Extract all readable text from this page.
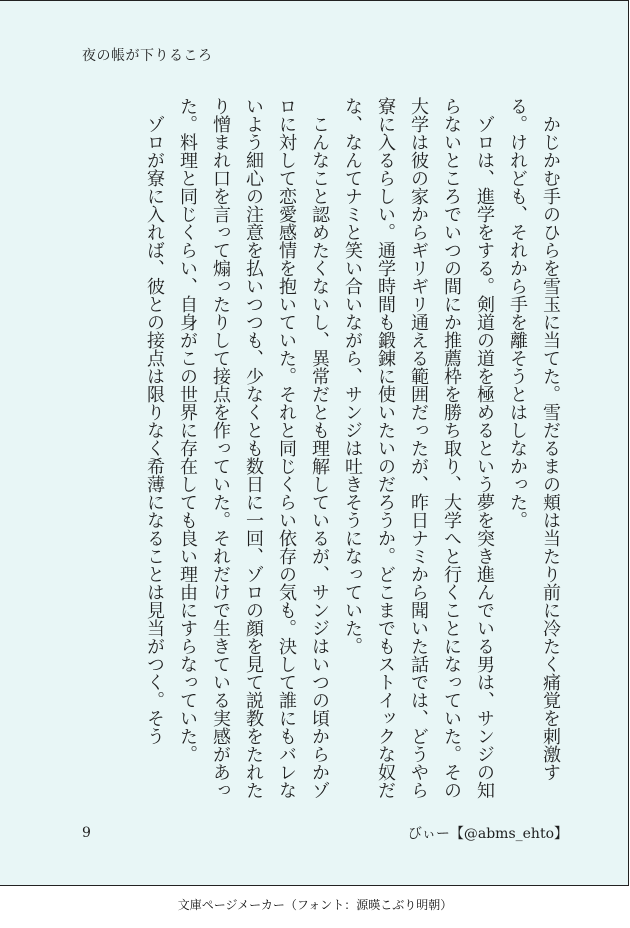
夜の帳が下りるころ

かじかむ手のひらを雪玉に当てた。雪だるまの頬は当たり前に冷たく痛覚を刺激する。けれども、それから手を離そうとはしなかった。

ゾロは、進学をする。剣道の道を極めるという夢を突き進んでいる男は、サンジの知らないところでいつの間にか推薦枠を勝ち取り、大学へと行くことになっていた。その大学は彼の家からギリギリ通える範囲だったが、昨日ナミから聞いた話では、どうやら寮に入るらしい。通学時間も鍛錬に使いたいのだろうか。どこまでもストイックな奴だな、なんてナミと笑い合いながら、サンジは吐きそうになっていた。

こんなこと認めたくないし、異常だとも理解しているが、サンジはいつの頃からかゾロに対して恋愛感情を抱いていた。それと同じくらい依存の気も。決して誰にもバレないよう細心の注意を払いつつも、少なくとも数日に一回、ゾロの顔を見て説教をたれたり憎まれ口を言って煽ったりして接点を作っていた。それだけで生きている実感があった。料理と同じくらい、自身がこの世界に存在しても良い理由にすらなっていた。

ゾロが寮に入れば、彼との接点は限りなく希薄になることは見当がつく。そう

9	びぃー【@abms_ehto】
文庫ページメーカー（フォント：源暎こぶり明朝）
